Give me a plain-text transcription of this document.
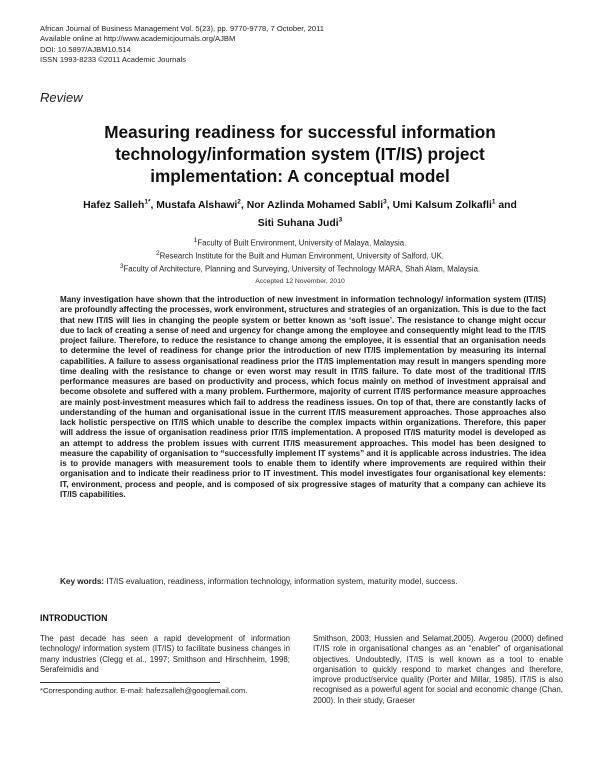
African Journal of Business Management Vol. 5(23), pp. 9770-9778, 7 October, 2011
Available online at http://www.academicjournals.org/AJBM
DOI: 10.5897/AJBM10.514
ISSN 1993-8233 ©2011 Academic Journals
Review
Measuring readiness for successful information technology/information system (IT/IS) project implementation: A conceptual model
Hafez Salleh$^{1*}$, Mustafa Alshawi$^2$, Nor Azlinda Mohamed Sabli$^3$, Umi Kalsum Zolkafli$^1$ and
Siti Suhana Judi$^3$
$^1$Faculty of Built Environment, University of Malaya, Malaysia.
$^2$Research Institute for the Built and Human Environment, University of Salford, UK.
$^3$Faculty of Architecture, Planning and Surveying, University of Technology MARA, Shah Alam, Malaysia.
Accepted 12 November, 2010
Many investigation have shown that the introduction of new investment in information technology/ information system (IT/IS) are profoundly affecting the processes, work environment, structures and strategies of an organization. This is due to the fact that new IT/IS will lies in changing the people system or better known as ‘soft issue’. The resistance to change might occur due to lack of creating a sense of need and urgency for change among the employee and consequently might lead to the IT/IS project failure. Therefore, to reduce the resistance to change among the employee, it is essential that an organisation needs to determine the level of readiness for change prior the introduction of new IT/IS implementation by measuring its internal capabilities. A failure to assess organisational readiness prior the IT/IS implementation may result in mangers spending more time dealing with the resistance to change or even worst may result in IT/IS failure. To date most of the traditional IT/IS performance measures are based on productivity and process, which focus mainly on method of investment appraisal and become obsolete and suffered with a many problem. Furthermore, majority of current IT/IS performance measure approaches are mainly post-investment measures which fail to address the readiness issues. On top of that, there are constantly lacks of understanding of the human and organisational issue in the current IT/IS measurement approaches. Those approaches also lack holistic perspective on IT/IS which unable to describe the complex impacts within organizations. Therefore, this paper will address the issue of organisation readiness prior IT/IS implementation. A proposed IT/IS maturity model is developed as an attempt to address the problem issues with current IT/IS measurement approaches. This model has been designed to measure the capability of organisation to “successfully implement IT systems” and it is applicable across industries. The idea is to provide managers with measurement tools to enable them to identify where improvements are required within their organisation and to indicate their readiness prior to IT investment. This model investigates four organisational key elements: IT, environment, process and people, and is composed of six progressive stages of maturity that a company can achieve its IT/IS capabilities.
Key words: IT/IS evaluation, readiness, information technology, information system, maturity model, success.
INTRODUCTION
The past decade has seen a rapid development of information technology/ information system (IT/IS) to facilitate business changes in many industries (Clegg et al., 1997; Smithson and Hirschheim, 1998; Serafeimidis and
Smithson, 2003; Hussien and Selamat,2005). Avgerou (2000) defined IT/IS role in organisational changes as an “enabler” of organisational objectives. Undoubtedly, IT/IS is well known as a tool to enable organisation to quickly respond to market changes and therefore, improve product/service quality (Porter and Millar, 1985). IT/IS is also recognised as a powerful agent for social and economic change (Chan, 2000). In their study, Graeser
*Corresponding author. E-mail: hafezsalleh@googlemail.com.
